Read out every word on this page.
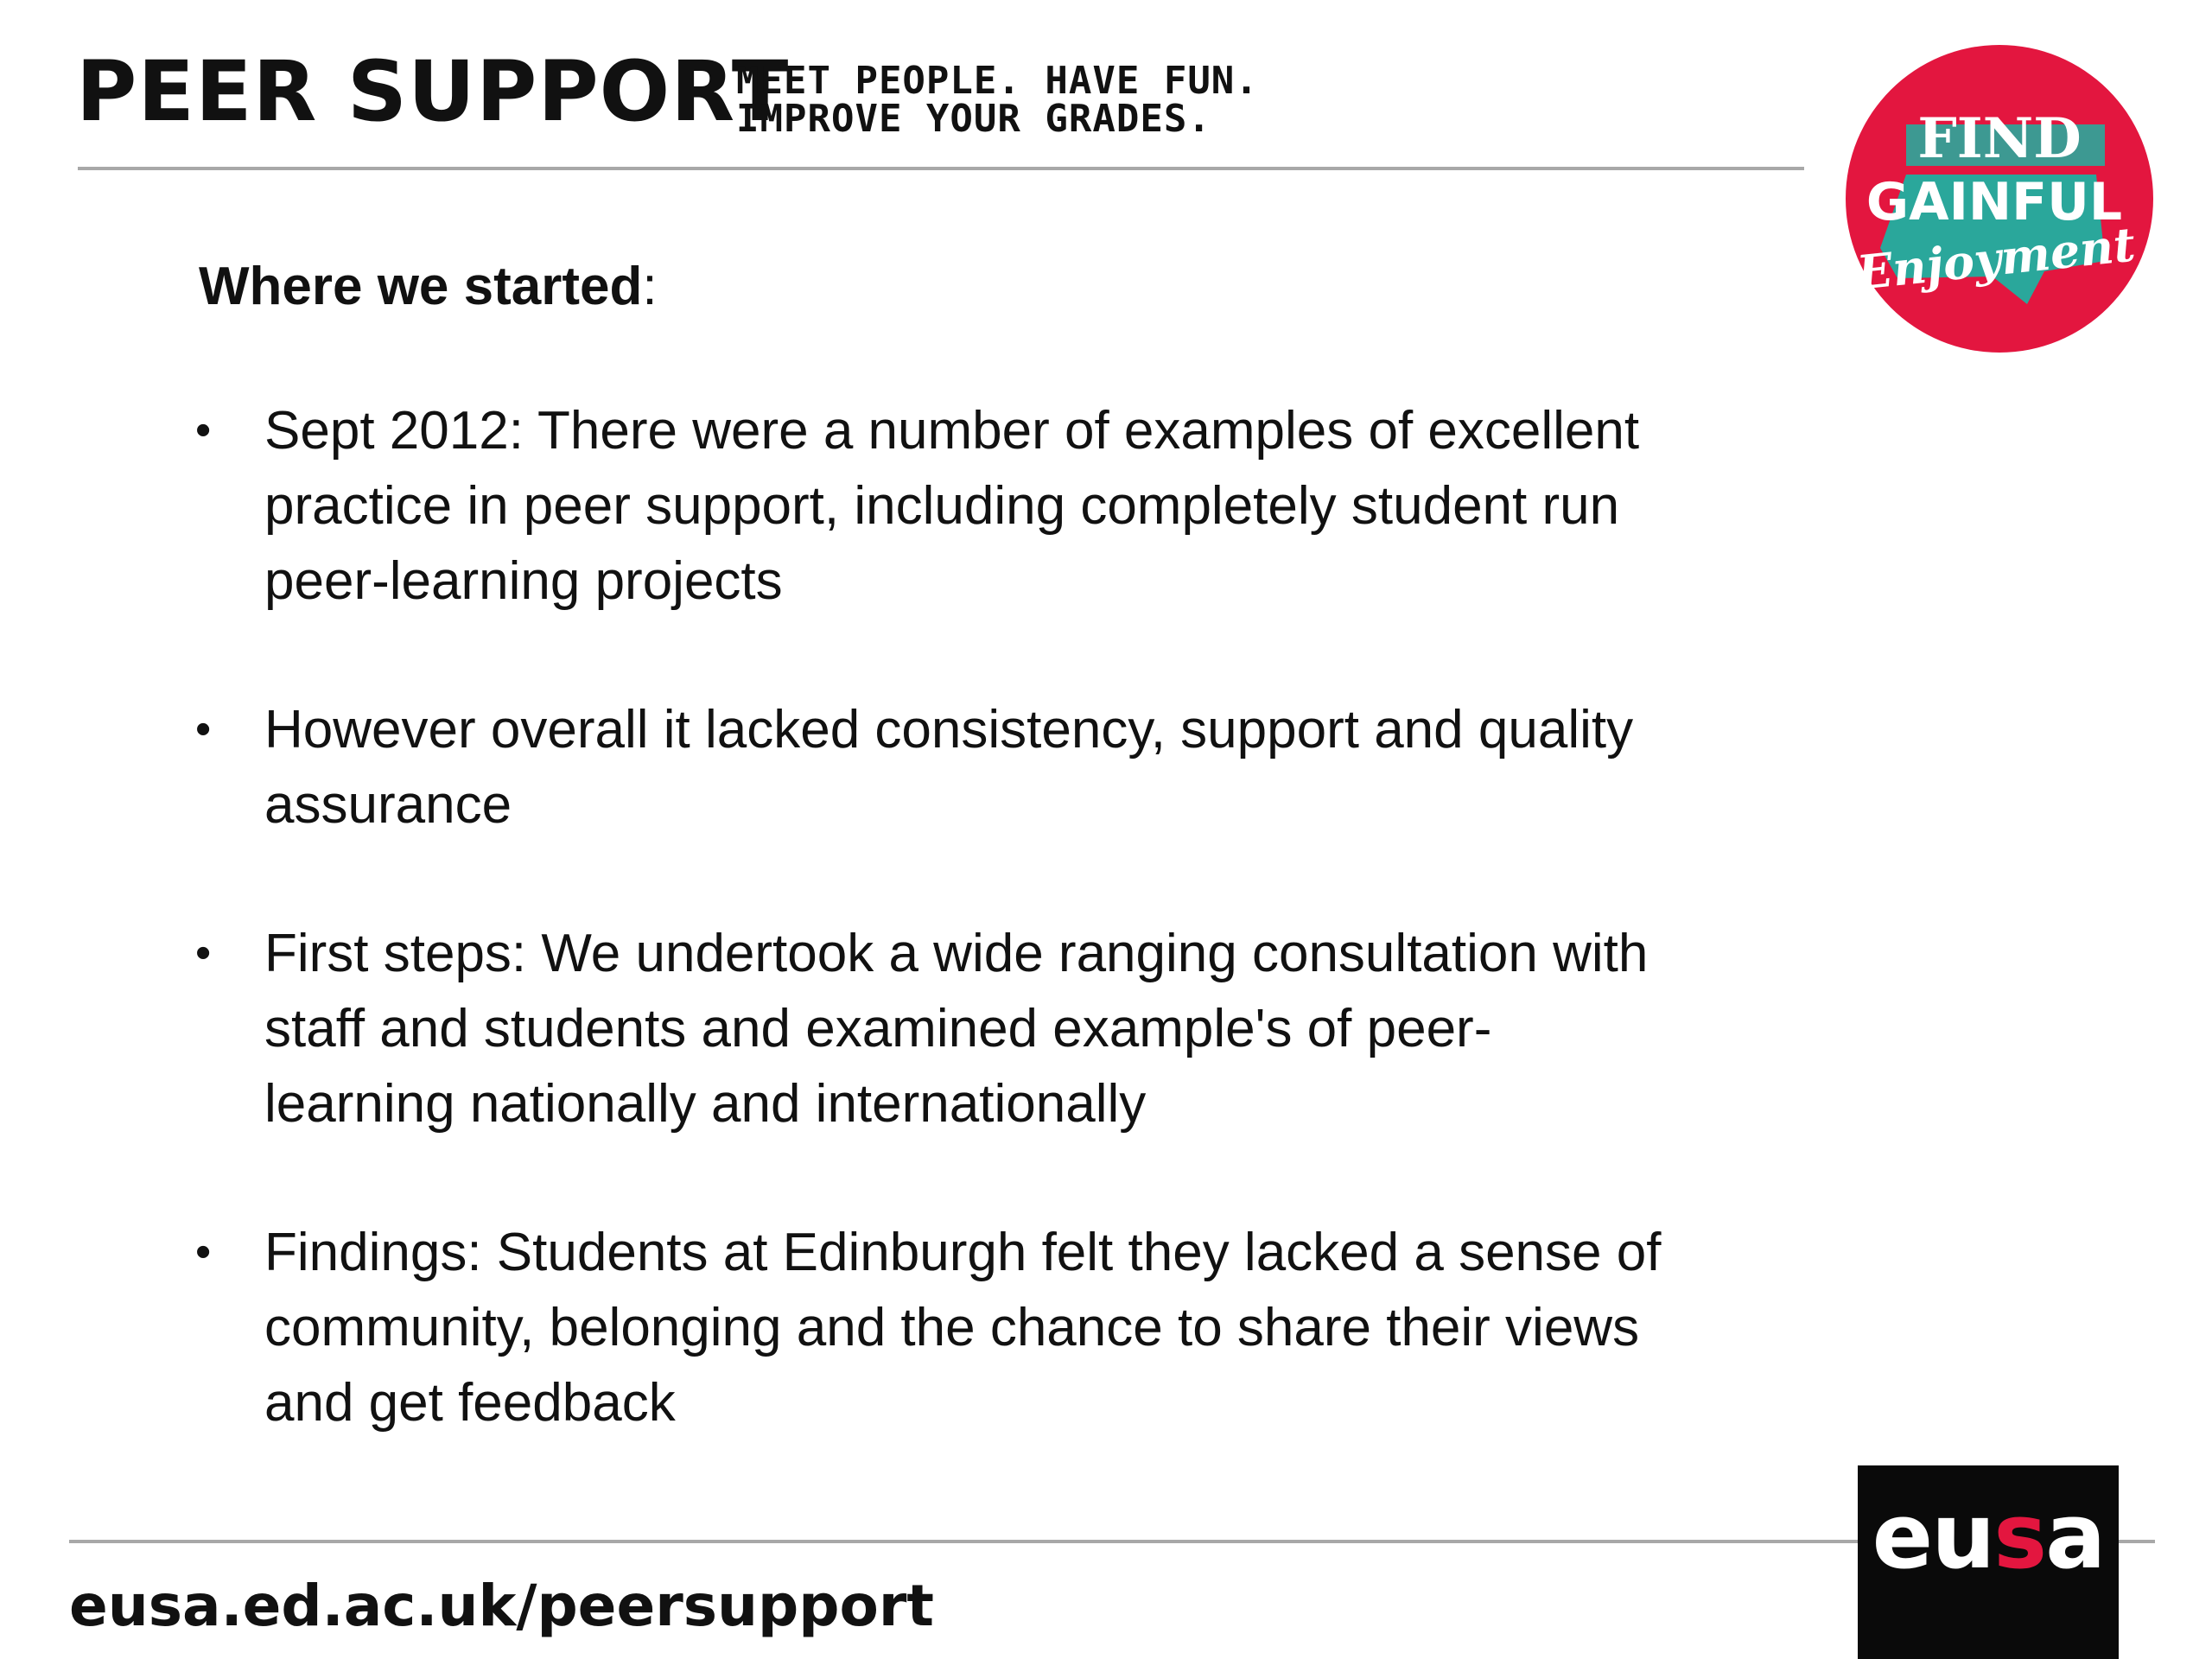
PEER SUPPORT
MEET PEOPLE. HAVE FUN.
IMPROVE YOUR GRADES.	FIND
GAINFUL
Enjoyment
Where we started:
• Sept 2012: There were a number of examples of excellent practice in peer support, including completely student run peer-learning projects
• However overall it lacked consistency, support and quality assurance
• First steps: We undertook a wide ranging consultation with staff and students and examined example's of peer-learning nationally and internationally
• Findings: Students at Edinburgh felt they lacked a sense of community, belonging and the chance to share their views and get feedback
eusa.ed.ac.uk/peersupport
eusa
